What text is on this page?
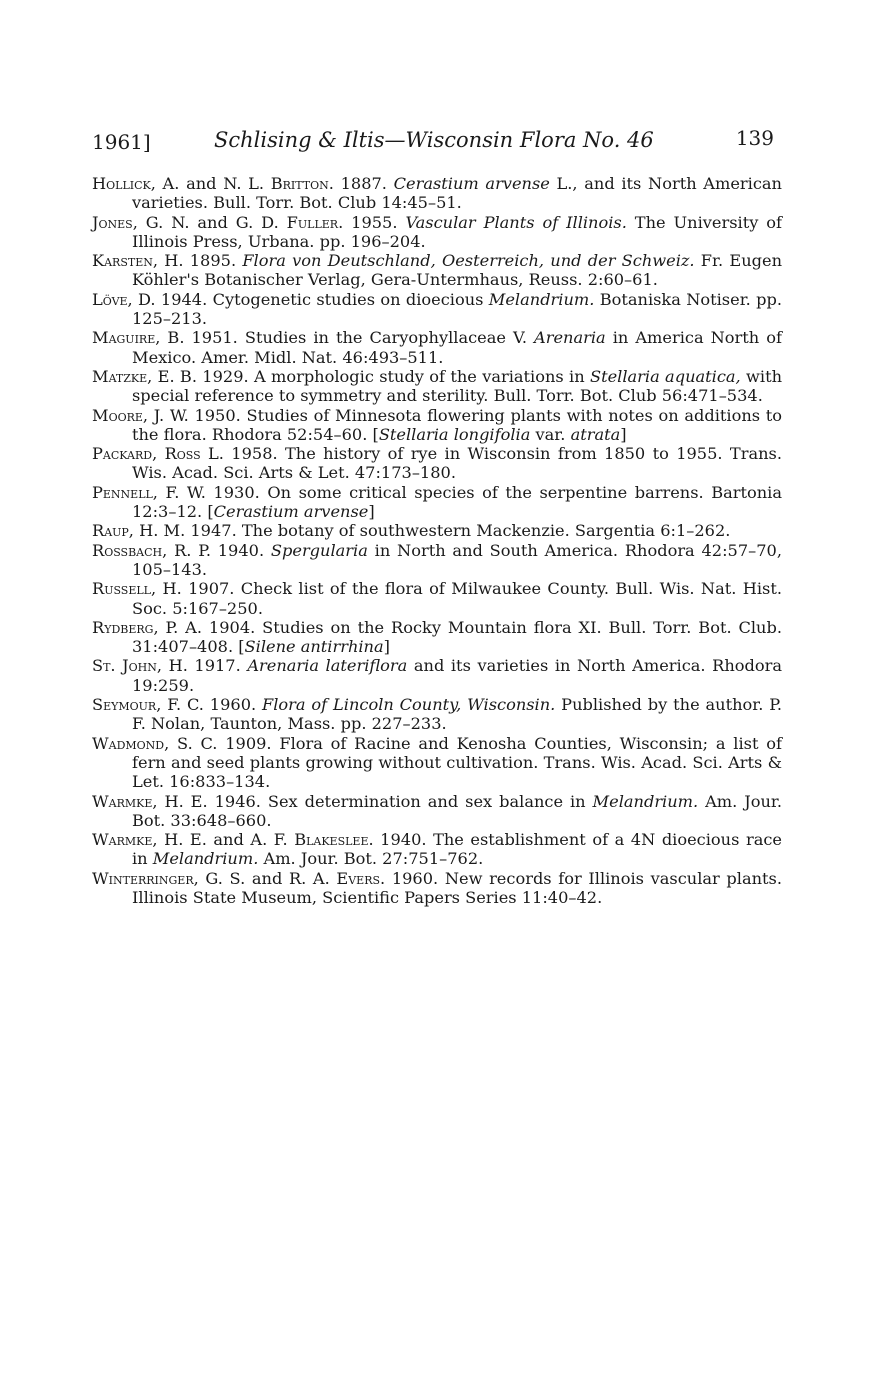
1961]	Schlising & Iltis—Wisconsin Flora No. 46	139

Hollick, A. and N. L. Britton. 1887. Cerastium arvense L., and its North American varieties. Bull. Torr. Bot. Club 14:45–51.

Jones, G. N. and G. D. Fuller. 1955. Vascular Plants of Illinois. The University of Illinois Press, Urbana. pp. 196–204.

Karsten, H. 1895. Flora von Deutschland, Oesterreich, und der Schweiz. Fr. Eugen Köhler's Botanischer Verlag, Gera-Untermhaus, Reuss. 2:60–61.

Löve, D. 1944. Cytogenetic studies on dioecious Melandrium. Botaniska Notiser. pp. 125–213.

Maguire, B. 1951. Studies in the Caryophyllaceae V. Arenaria in America North of Mexico. Amer. Midl. Nat. 46:493–511.

Matzke, E. B. 1929. A morphologic study of the variations in Stellaria aquatica, with special reference to symmetry and sterility. Bull. Torr. Bot. Club 56:471–534.

Moore, J. W. 1950. Studies of Minnesota flowering plants with notes on additions to the flora. Rhodora 52:54–60. [Stellaria longifolia var. atrata]

Packard, Ross L. 1958. The history of rye in Wisconsin from 1850 to 1955. Trans. Wis. Acad. Sci. Arts & Let. 47:173–180.

Pennell, F. W. 1930. On some critical species of the serpentine barrens. Bartonia 12:3–12. [Cerastium arvense]

Raup, H. M. 1947. The botany of southwestern Mackenzie. Sargentia 6:1–262.

Rossbach, R. P. 1940. Spergularia in North and South America. Rhodora 42:57–70, 105–143.

Russell, H. 1907. Check list of the flora of Milwaukee County. Bull. Wis. Nat. Hist. Soc. 5:167–250.

Rydberg, P. A. 1904. Studies on the Rocky Mountain flora XI. Bull. Torr. Bot. Club. 31:407–408. [Silene antirrhina]

St. John, H. 1917. Arenaria lateriflora and its varieties in North America. Rhodora 19:259.

Seymour, F. C. 1960. Flora of Lincoln County, Wisconsin. Published by the author. P. F. Nolan, Taunton, Mass. pp. 227–233.

Wadmond, S. C. 1909. Flora of Racine and Kenosha Counties, Wisconsin; a list of fern and seed plants growing without cultivation. Trans. Wis. Acad. Sci. Arts & Let. 16:833–134.

Warmke, H. E. 1946. Sex determination and sex balance in Melandrium. Am. Jour. Bot. 33:648–660.

Warmke, H. E. and A. F. Blakeslee. 1940. The establishment of a 4N dioecious race in Melandrium. Am. Jour. Bot. 27:751–762.

Winterringer, G. S. and R. A. Evers. 1960. New records for Illinois vascular plants. Illinois State Museum, Scientific Papers Series 11:40–42.
